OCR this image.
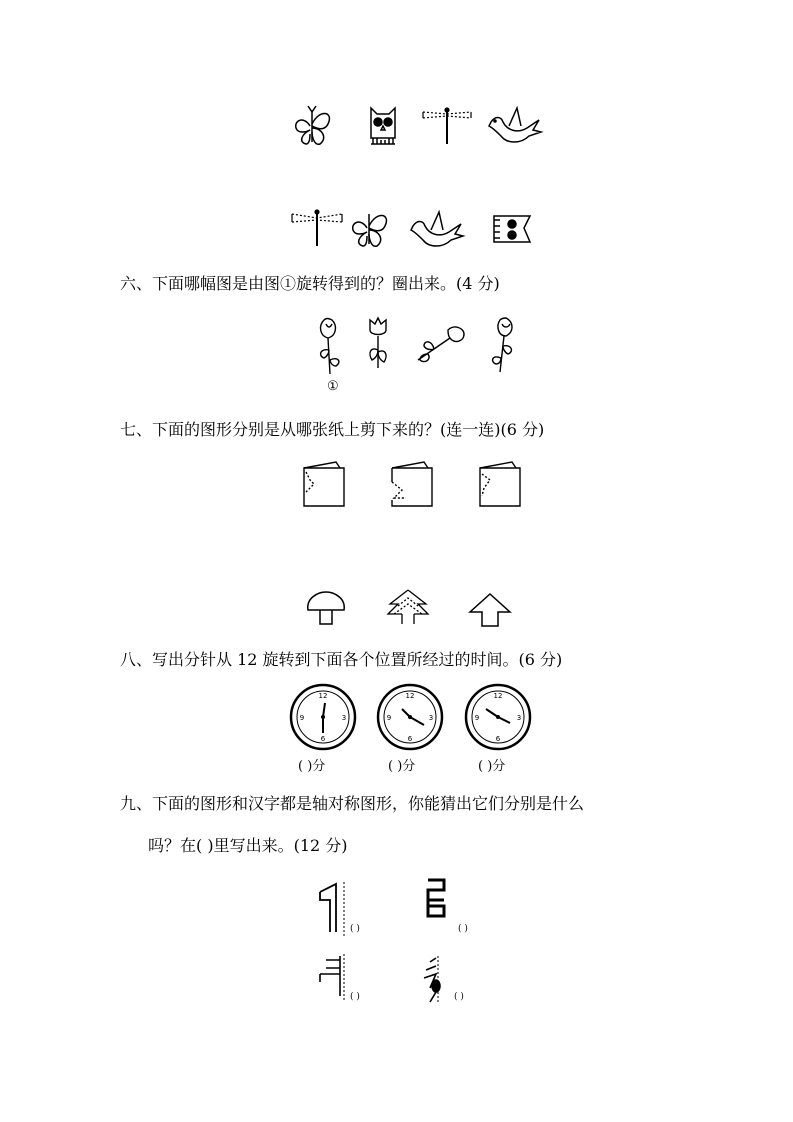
六、下面哪幅图是由图①旋转得到的？圈出来。(4 分)
①
七、下面的图形分别是从哪张纸上剪下来的？(连一连)(6 分)
八、写出分针从 12 旋转到下面各个位置所经过的时间。(6 分)
12
3
6
9
12
3
6
9
12
3
6
9
( )分	( )分	( )分
九、下面的图形和汉字都是轴对称图形，你能猜出它们分别是什么
吗？在( )里写出来。(12 分)
( )	( )
( )	( )
